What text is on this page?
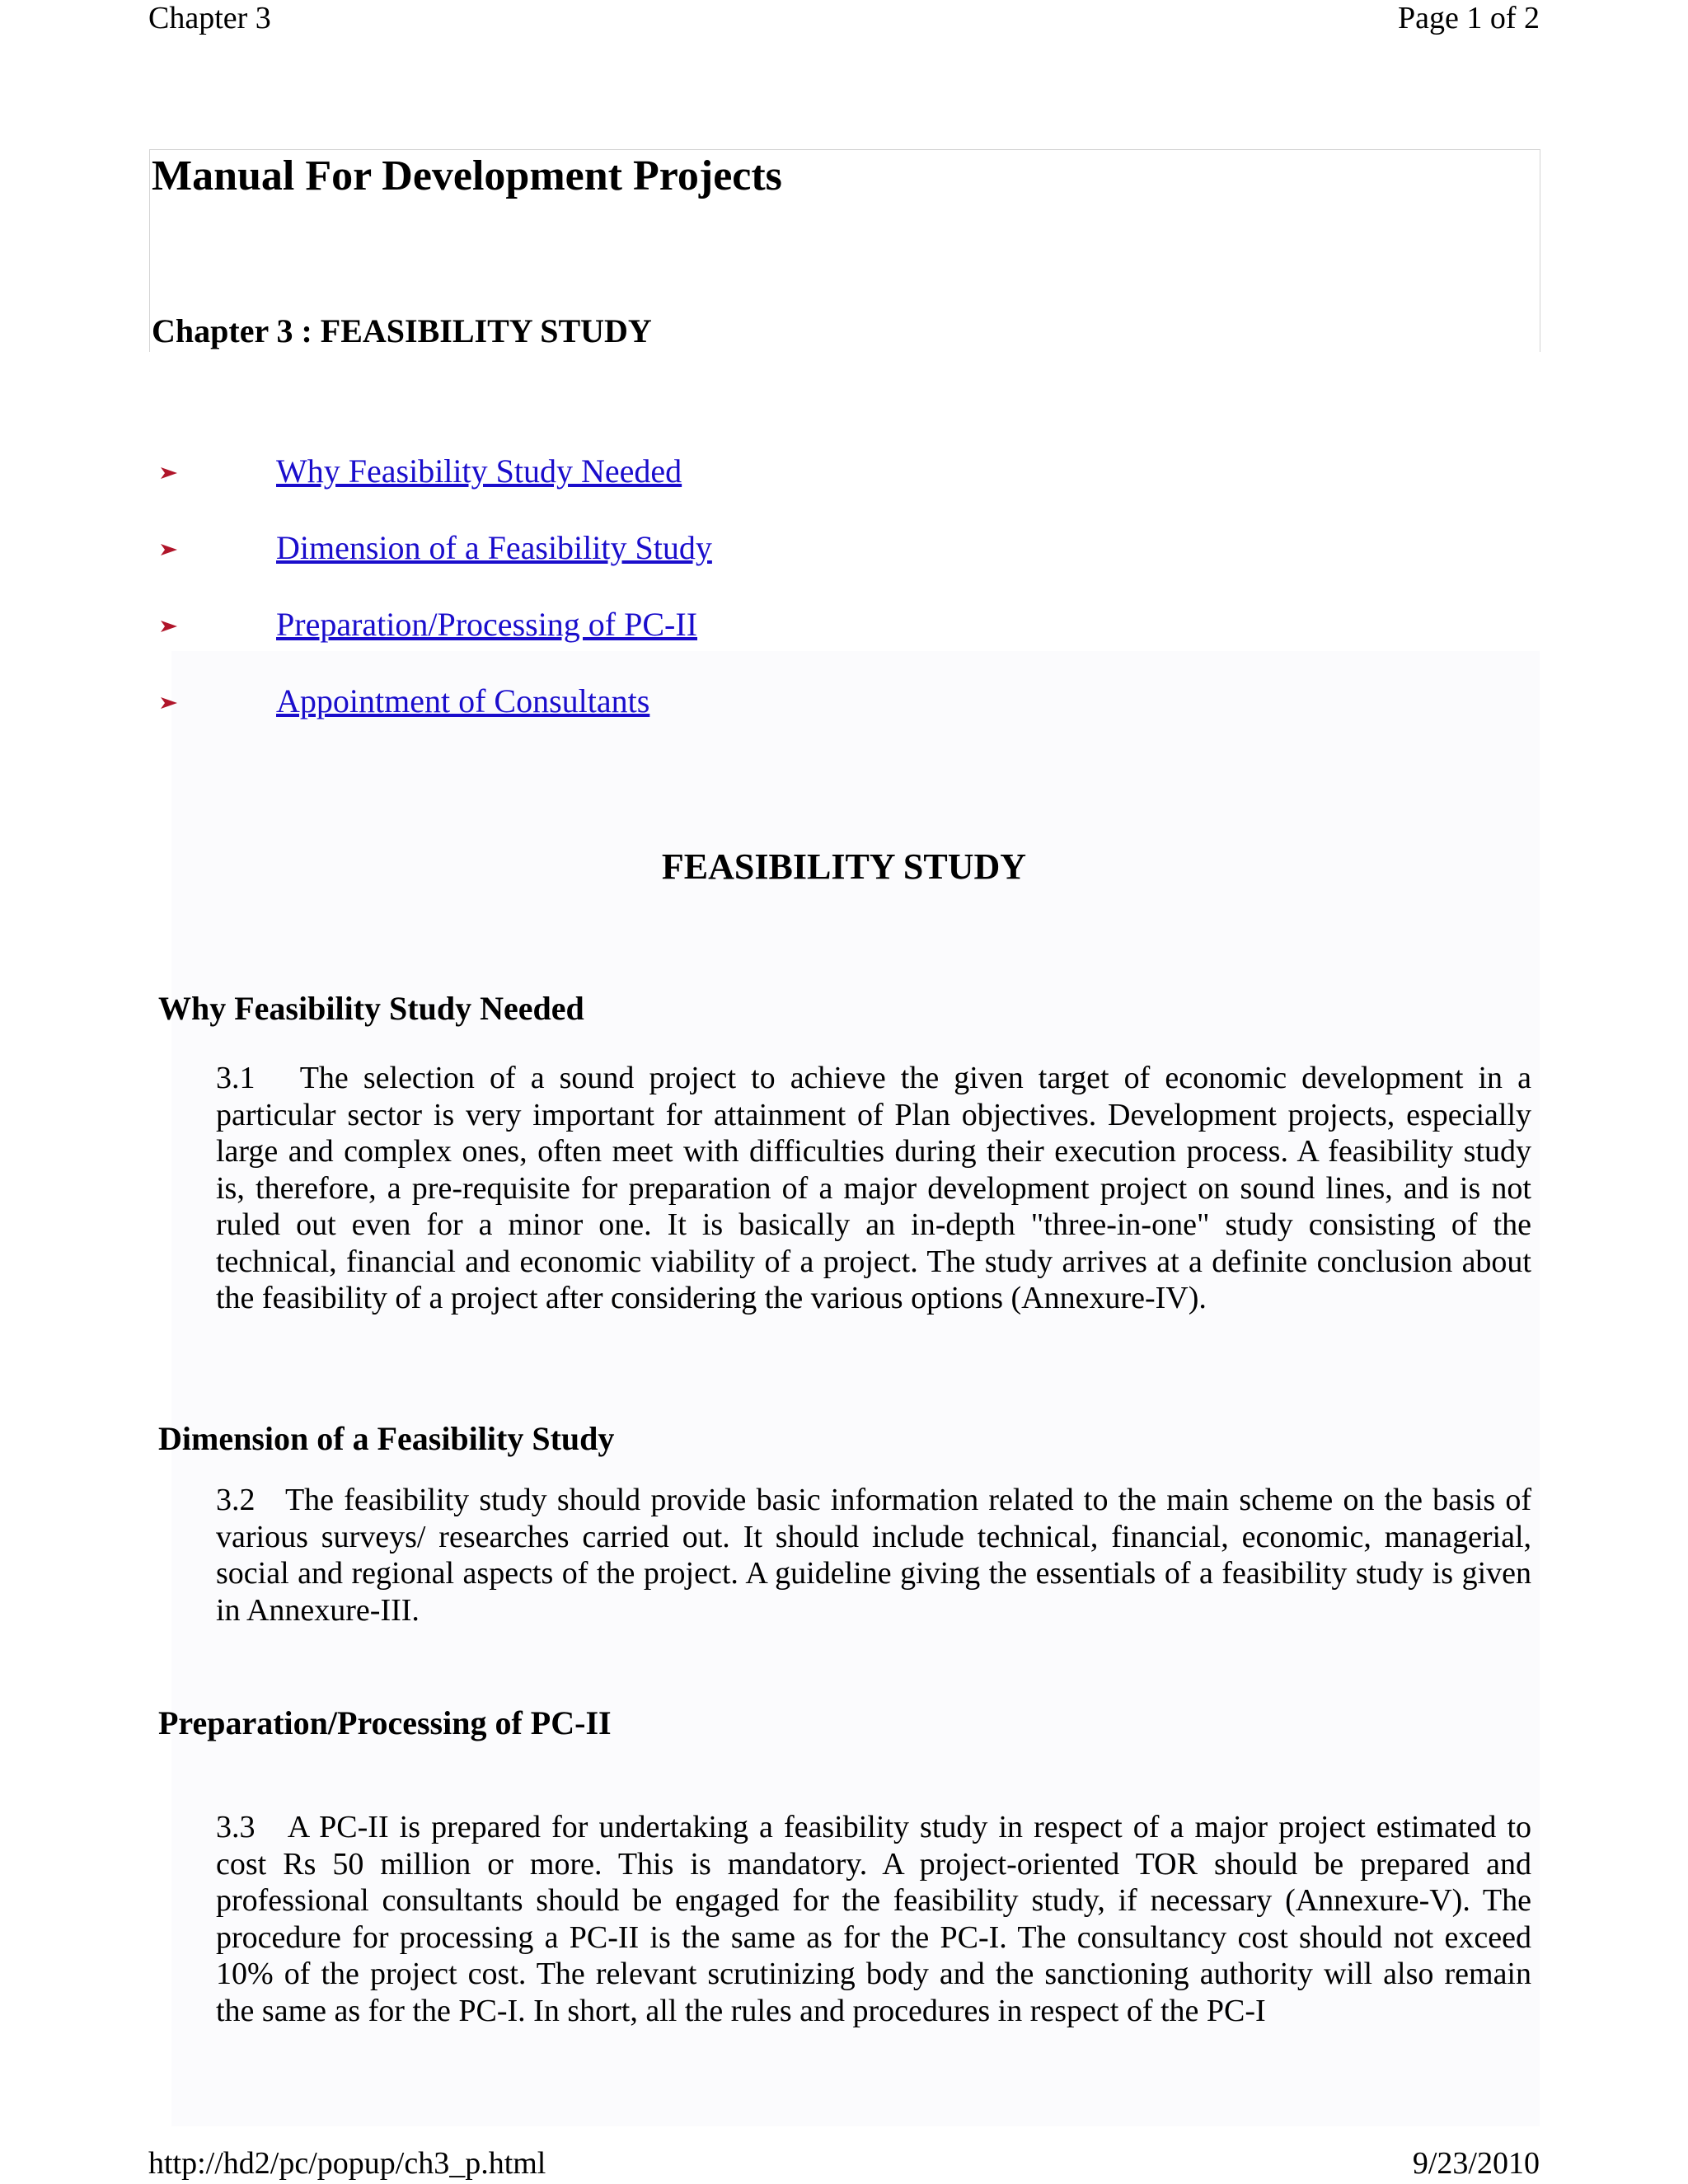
Chapter 3	Page 1 of 2
Manual For Development Projects
Chapter 3 : FEASIBILITY STUDY
Why Feasibility Study Needed
Dimension of a Feasibility Study
Preparation/Processing of PC-II
Appointment of Consultants
FEASIBILITY STUDY
Why Feasibility Study Needed

3.1   The selection of a sound project to achieve the given target of economic development in a particular sector is very important for attainment of Plan objectives. Development projects, especially large and complex ones, often meet with difficulties during their execution process. A feasibility study is, therefore, a pre-requisite for preparation of a major development project on sound lines, and is not ruled out even for a minor one. It is basically an in-depth "three-in-one" study consisting of the technical, financial and economic viability of a project. The study arrives at a definite conclusion about the feasibility of a project after considering the various options (Annexure-IV).

Dimension of a Feasibility Study

3.2   The feasibility study should provide basic information related to the main scheme on the basis of various surveys/ researches carried out. It should include technical, financial, economic, managerial, social and regional aspects of the project. A guideline giving the essentials of a feasibility study is given in Annexure-III.

Preparation/Processing of PC-II

3.3   A PC-II is prepared for undertaking a feasibility study in respect of a major project estimated to cost Rs 50 million or more. This is mandatory. A project-oriented TOR should be prepared and professional consultants should be engaged for the feasibility study, if necessary (Annexure-V). The procedure for processing a PC-II is the same as for the PC-I. The consultancy cost should not exceed 10% of the project cost. The relevant scrutinizing body and the sanctioning authority will also remain the same as for the PC-I. In short, all the rules and procedures in respect of the PC-I

http://hd2/pc/popup/ch3_p.html	9/23/2010
